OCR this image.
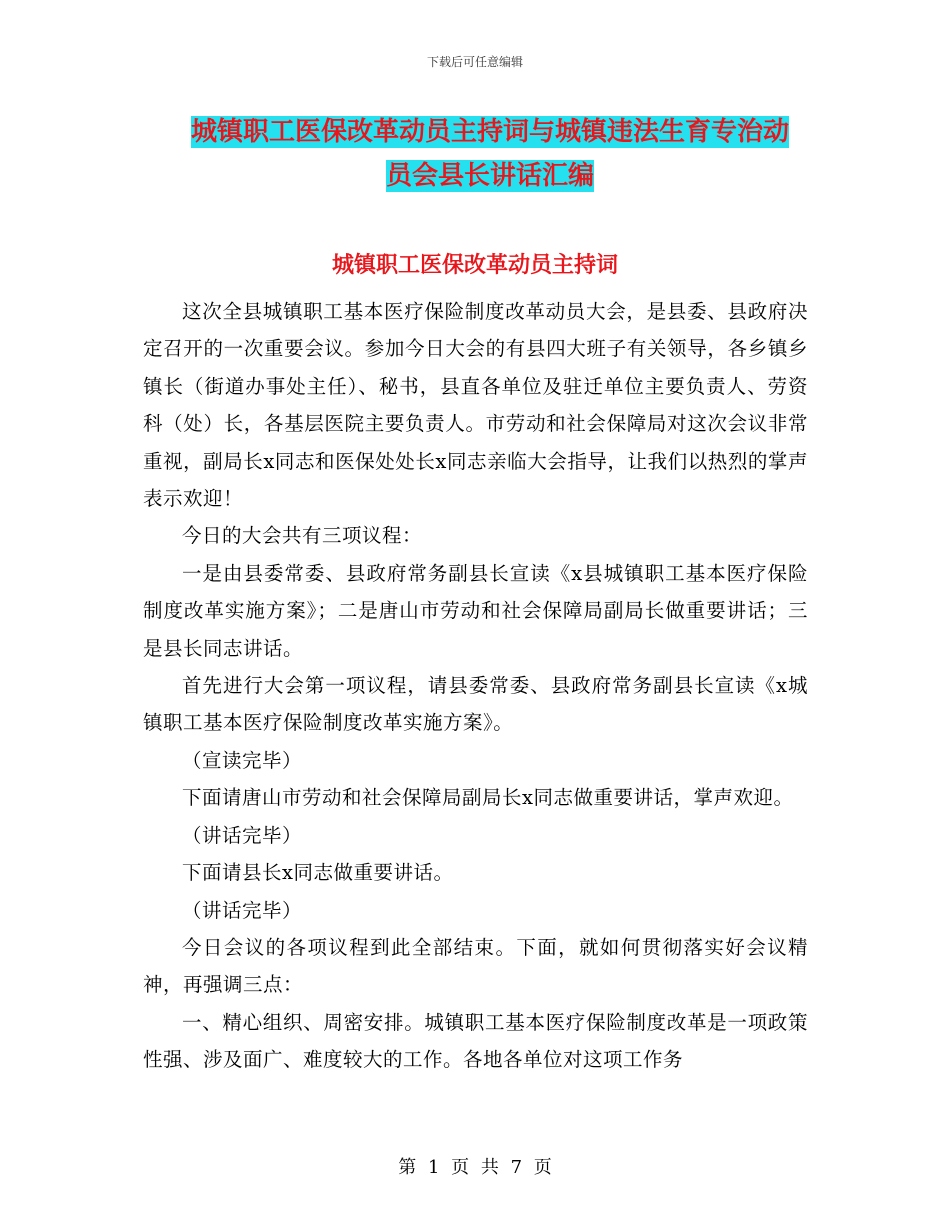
下载后可任意编辑
城镇职工医保改革动员主持词与城镇违法生育专治动
员会县长讲话汇编
城镇职工医保改革动员主持词

这次全县城镇职工基本医疗保险制度改革动员大会，是县委、县政府决定召开的一次重要会议。参加今日大会的有县四大班子有关领导，各乡镇乡镇长（街道办事处主任）、秘书，县直各单位及驻迁单位主要负责人、劳资科（处）长，各基层医院主要负责人。市劳动和社会保障局对这次会议非常重视，副局长x同志和医保处处长x同志亲临大会指导，让我们以热烈的掌声表示欢迎！

今日的大会共有三项议程：

一是由县委常委、县政府常务副县长宣读《x县城镇职工基本医疗保险制度改革实施方案》；二是唐山市劳动和社会保障局副局长做重要讲话；三是县长同志讲话。

首先进行大会第一项议程，请县委常委、县政府常务副县长宣读《x城镇职工基本医疗保险制度改革实施方案》。

（宣读完毕）

下面请唐山市劳动和社会保障局副局长x同志做重要讲话，掌声欢迎。

（讲话完毕）

下面请县长x同志做重要讲话。

（讲话完毕）

今日会议的各项议程到此全部结束。下面，就如何贯彻落实好会议精神，再强调三点：

一、精心组织、周密安排。城镇职工基本医疗保险制度改革是一项政策性强、涉及面广、难度较大的工作。各地各单位对这项工作务

第 1 页 共 7 页
